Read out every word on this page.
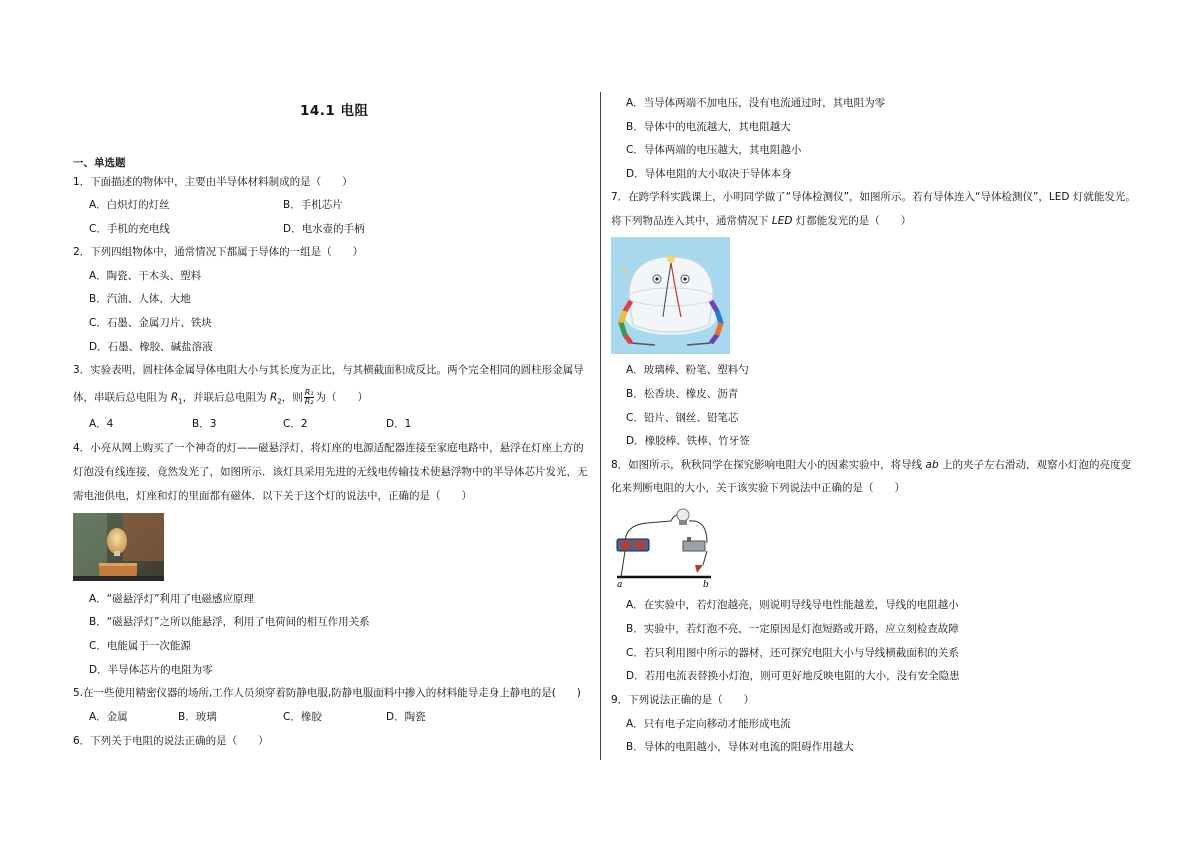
14.1 电阻
一、单选题
1．下面描述的物体中，主要由半导体材料制成的是（　　）
A．白炽灯的灯丝	B．手机芯片
C．手机的充电线	D．电水壶的手柄
2．下列四组物体中，通常情况下都属于导体的一组是（　　）
A．陶瓷、干木头、塑料
B．汽油、人体、大地
C．石墨、金属刀片、铁块
D．石墨、橡胶、碱盐溶液
3．实验表明，圆柱体金属导体电阻大小与其长度为正比，与其横截面积成反比。两个完全相同的圆柱形金属导
体，串联后总电阻为 $R_1$，并联后总电阻为 $R_2$，则 $\frac{\text{R₁}}{\text{R₂}}$ 为（　　）
A．4	B．3	C．2	D．1
4．小亮从网上购买了一个神奇的灯——磁悬浮灯，将灯座的电源适配器连接至家庭电路中，悬浮在灯座上方的
灯泡没有线连接，竟然发光了，如图所示．该灯具采用先进的无线电传输技术使悬浮物中的半导体芯片发光，无
需电池供电，灯座和灯的里面都有磁体．以下关于这个灯的说法中，正确的是（　　）
A．“磁悬浮灯”利用了电磁感应原理
B．“磁悬浮灯”之所以能悬浮，利用了电荷间的相互作用关系
C．电能属于一次能源
D．半导体芯片的电阻为零
5.在一些使用精密仪器的场所,工作人员须穿着防静电服,防静电服面料中掺入的材料能导走身上静电的是(　　)
A．金属	B．玻璃	C．橡胶	D．陶瓷
6．下列关于电阻的说法正确的是（　　）
A．当导体两端不加电压，没有电流通过时，其电阻为零
B．导体中的电流越大，其电阻越大
C．导体两端的电压越大，其电阻越小
D．导体电阻的大小取决于导体本身
7．在跨学科实践课上，小明同学做了“导体检测仪”，如图所示。若有导体连入“导体检测仪”，LED 灯就能发光。
将下列物品连入其中，通常情况下 LED 灯都能发光的是（　　）
A．玻璃棒、粉笔、塑料勺
B．松香块、橡皮、沥青
C．铅片、钢丝、铅笔芯
D．橡胶棒、铁棒、竹牙签
8．如图所示，秋秋同学在探究影响电阻大小的因素实验中，将导线 ab 上的夹子左右滑动，观察小灯泡的亮度变
化来判断电阻的大小，关于该实验下列说法中正确的是（　　）
a	b
A．在实验中，若灯泡越亮，则说明导线导电性能越差，导线的电阻越小
B．实验中，若灯泡不亮，一定原因是灯泡短路或开路，应立刻检查故障
C．若只利用图中所示的器材，还可探究电阻大小与导线横截面积的关系
D．若用电流表替换小灯泡，则可更好地反映电阻的大小，没有安全隐患
9．下列说法正确的是（　　）
A．只有电子定向移动才能形成电流
B．导体的电阻越小，导体对电流的阻碍作用越大
